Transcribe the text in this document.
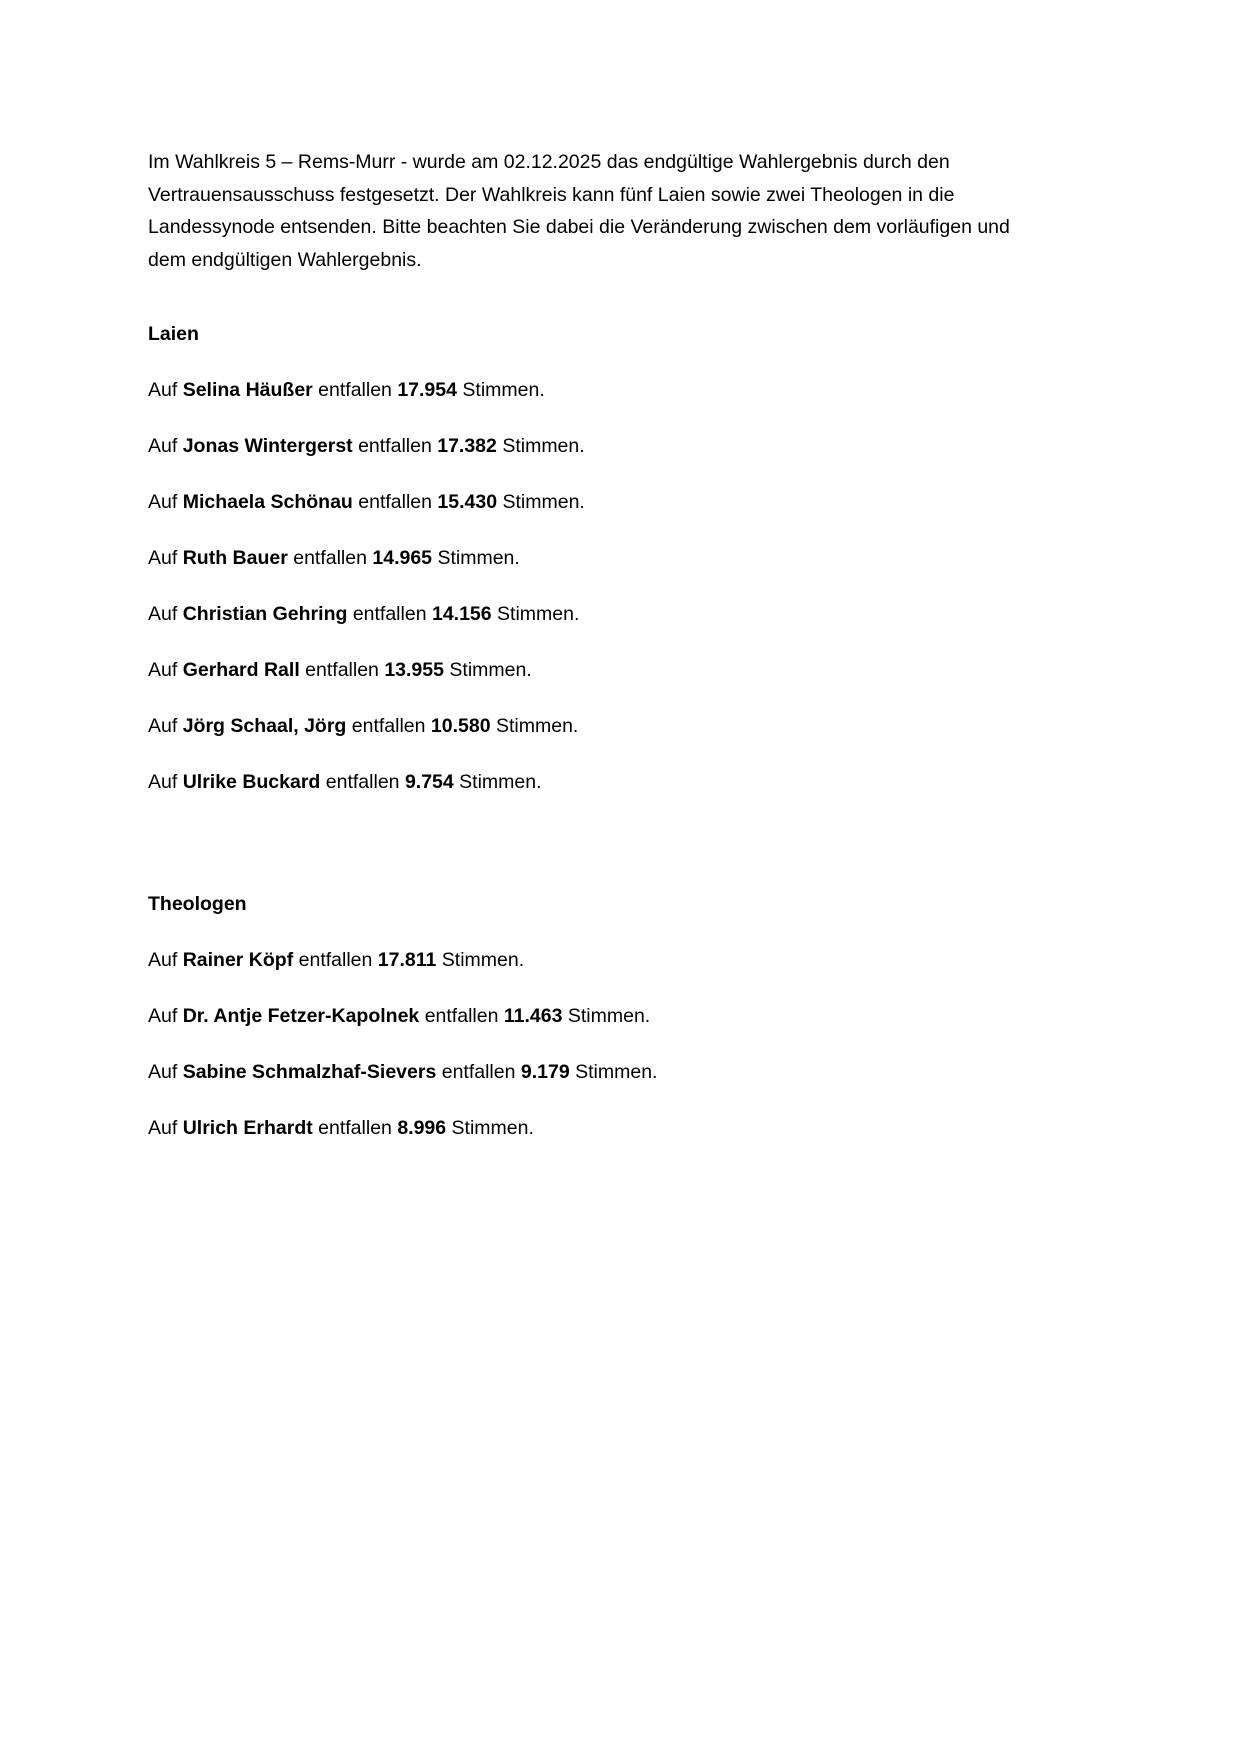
Im Wahlkreis 5 – Rems-Murr - wurde am 02.12.2025 das endgültige Wahlergebnis durch den Vertrauensausschuss festgesetzt. Der Wahlkreis kann fünf Laien sowie zwei Theologen in die Landessynode entsenden. Bitte beachten Sie dabei die Veränderung zwischen dem vorläufigen und dem endgültigen Wahlergebnis.

Laien

Auf Selina Häußer entfallen 17.954 Stimmen.

Auf Jonas Wintergerst entfallen 17.382 Stimmen.

Auf Michaela Schönau entfallen 15.430 Stimmen.

Auf Ruth Bauer entfallen 14.965 Stimmen.

Auf Christian Gehring entfallen 14.156 Stimmen.

Auf Gerhard Rall entfallen 13.955 Stimmen.

Auf Jörg Schaal, Jörg entfallen 10.580 Stimmen.

Auf Ulrike Buckard entfallen 9.754 Stimmen.

Theologen

Auf Rainer Köpf entfallen 17.811 Stimmen.

Auf Dr. Antje Fetzer-Kapolnek entfallen 11.463 Stimmen.

Auf Sabine Schmalzhaf-Sievers entfallen 9.179 Stimmen.

Auf Ulrich Erhardt entfallen 8.996 Stimmen.
